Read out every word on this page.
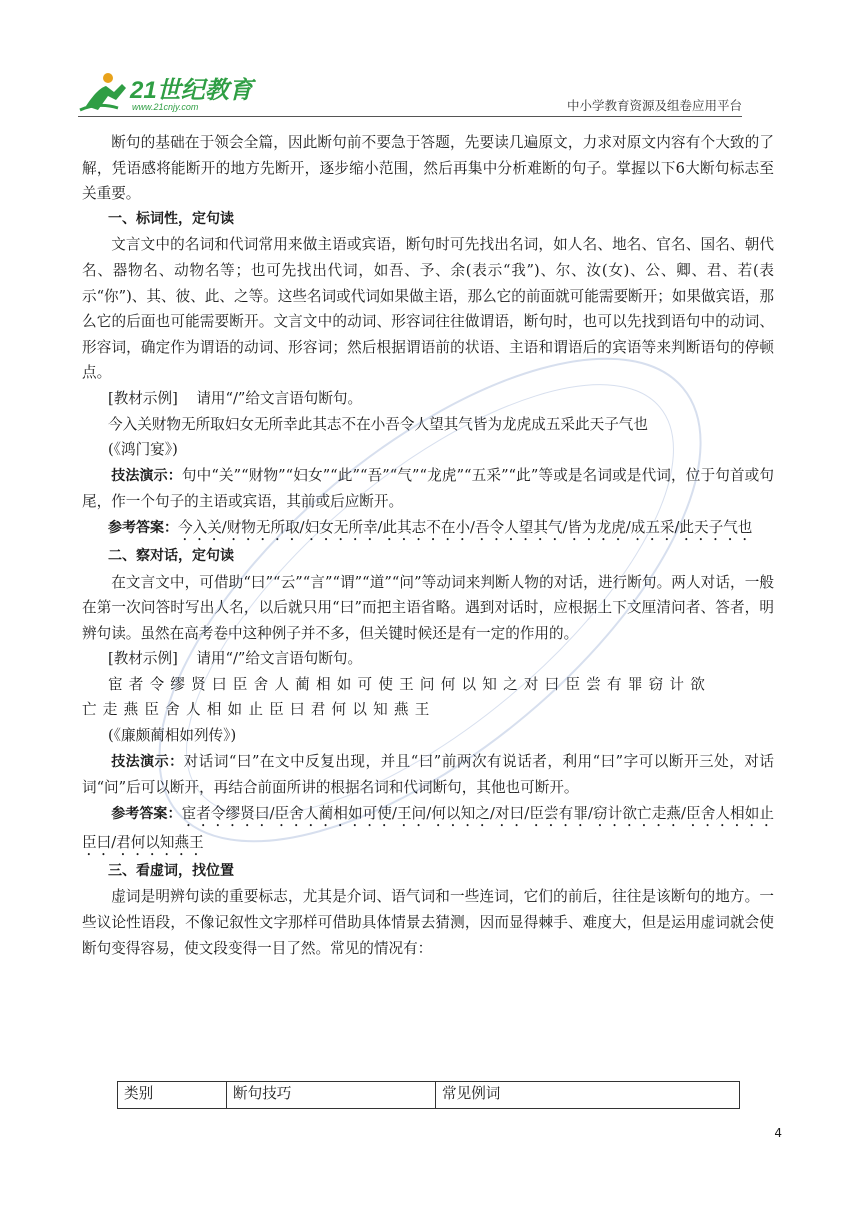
21世纪教育
www.21cnjy.com	中小学教育资源及组卷应用平台

断句的基础在于领会全篇，因此断句前不要急于答题，先要读几遍原文，力求对原文内容有个大致的了解，凭语感将能断开的地方先断开，逐步缩小范围，然后再集中分析难断的句子。掌握以下6大断句标志至关重要。

一、标词性，定句读

文言文中的名词和代词常用来做主语或宾语，断句时可先找出名词，如人名、地名、官名、国名、朝代名、器物名、动物名等；也可先找出代词，如吾、予、余(表示“我”)、尔、汝(女)、公、卿、君、若(表示“你”)、其、彼、此、之等。这些名词或代词如果做主语，那么它的前面就可能需要断开；如果做宾语，那么它的后面也可能需要断开。文言文中的动词、形容词往往做谓语，断句时，也可以先找到语句中的动词、形容词，确定作为谓语的动词、形容词；然后根据谓语前的状语、主语和谓语后的宾语等来判断语句的停顿点。

[教材示例] 请用“/”给文言语句断句。

今入关财物无所取妇女无所幸此其志不在小吾令人望其气皆为龙虎成五采此天子气也

(《鸿门宴》)

技法演示：句中“关”“财物”“妇女”“此”“吾”“气”“龙虎”“五采”“此”等或是名词或是代词，位于句首或句尾，作一个句子的主语或宾语，其前或后应断开。

参考答案：今入关/财物无所取/妇女无所幸/此其志不在小/吾令人望其气/皆为龙虎/成五采/此天子气也

二、察对话，定句读

在文言文中，可借助“曰”“云”“言”“谓”“道”“问”等动词来判断人物的对话，进行断句。两人对话，一般在第一次问答时写出人名，以后就只用“曰”而把主语省略。遇到对话时，应根据上下文厘清问者、答者，明辨句读。虽然在高考卷中这种例子并不多，但关键时候还是有一定的作用的。

[教材示例] 请用“/”给文言语句断句。

宦者令缪贤曰臣舍人蔺相如可使王问何以知之对曰臣尝有罪窃计欲

亡走燕臣舍人相如止臣曰君何以知燕王

(《廉颇蔺相如列传》)

技法演示：对话词“曰”在文中反复出现，并且“曰”前两次有说话者，利用“曰”字可以断开三处，对话词“问”后可以断开，再结合前面所讲的根据名词和代词断句，其他也可断开。

参考答案：宦者令缪贤曰/臣舍人蔺相如可使/王问/何以知之/对曰/臣尝有罪/窃计欲亡走燕/臣舍人相如止臣曰/君何以知燕王

三、看虚词，找位置

虚词是明辨句读的重要标志，尤其是介词、语气词和一些连词，它们的前后，往往是该断句的地方。一些议论性语段，不像记叙性文字那样可借助具体情景去猜测，因而显得棘手、难度大，但是运用虚词就会使断句变得容易，使文段变得一目了然。常见的情况有：

类别	断句技巧	常见例词
4
